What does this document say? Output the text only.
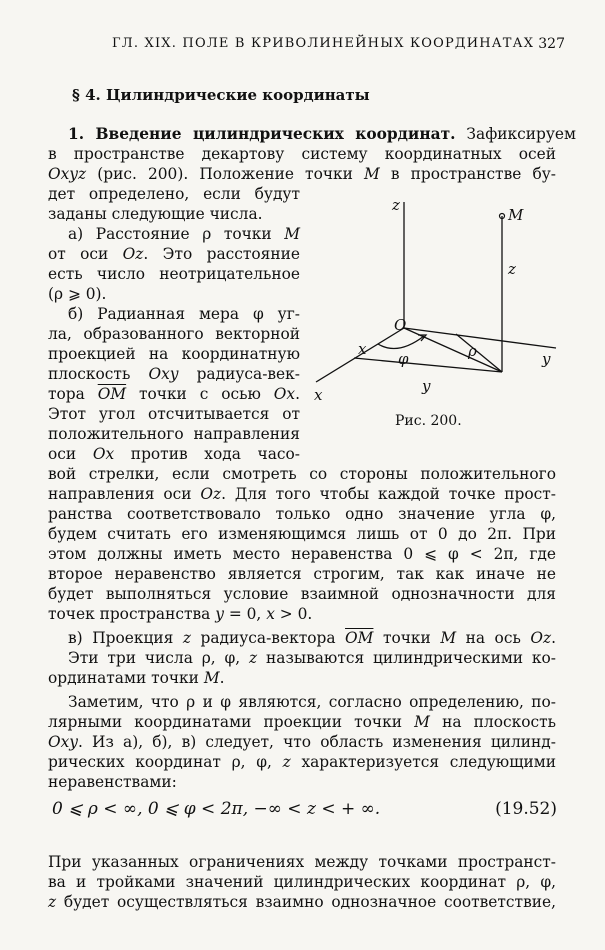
ГЛ. XIX. ПОЛЕ В КРИВОЛИНЕЙНЫХ КООРДИНАТАХ 327
§ 4. Цилиндрические координаты
1. Введение цилиндрических координат. Зафиксируем
в пространстве декартову систему координатных осей
Oxyz (рис. 200). Положение точки M в пространстве бу-
дет определено, если будут
заданы следующие числа.
а) Расстояние ρ точки M
от оси Oz. Это расстояние
есть число неотрицательное
(ρ ⩾ 0).
б) Радианная мера φ уг-
ла, образованного векторной
проекцией на координатную
плоскость Oxy радиуса-век-
тора $\overline{OM}$ точки с осью Ox.
Этот угол отсчитывается от
положительного направления
оси Ox против хода часо-
вой стрелки, если смотреть со стороны положительного
направления оси Oz. Для того чтобы каждой точке прост-
ранства соответствовало только одно значение угла φ,
будем считать его изменяющимся лишь от 0 до 2π. При
этом должны иметь место неравенства 0 ⩽ φ < 2π, где
второе неравенство является строгим, так как иначе не
будет выполняться условие взаимной однозначности для
точек пространства y = 0, x > 0.
в) Проекция z радиуса-вектора $\overline{OM}$ точки M на ось Oz.
Эти три числа ρ, φ, z называются цилиндрическими ко-
ординатами точки M.
Заметим, что ρ и φ являются, согласно определению, по-
лярными координатами проекции точки M на плоскость
Oxy. Из а), б), в) следует, что область изменения цилинд-
рических координат ρ, φ, z характеризуется следующими
неравенствами:
При указанных ограничениях между точками пространст-
ва и тройками значений цилиндрических координат ρ, φ,
z будет осуществляться взаимно однозначное соответствие,
0 ⩽ ρ < ∞, 0 ⩽ φ < 2π, −∞ < z < + ∞.	(19.52)
z
M
z
O
x
y
x
y
ρ
φ
Рис. 200.
